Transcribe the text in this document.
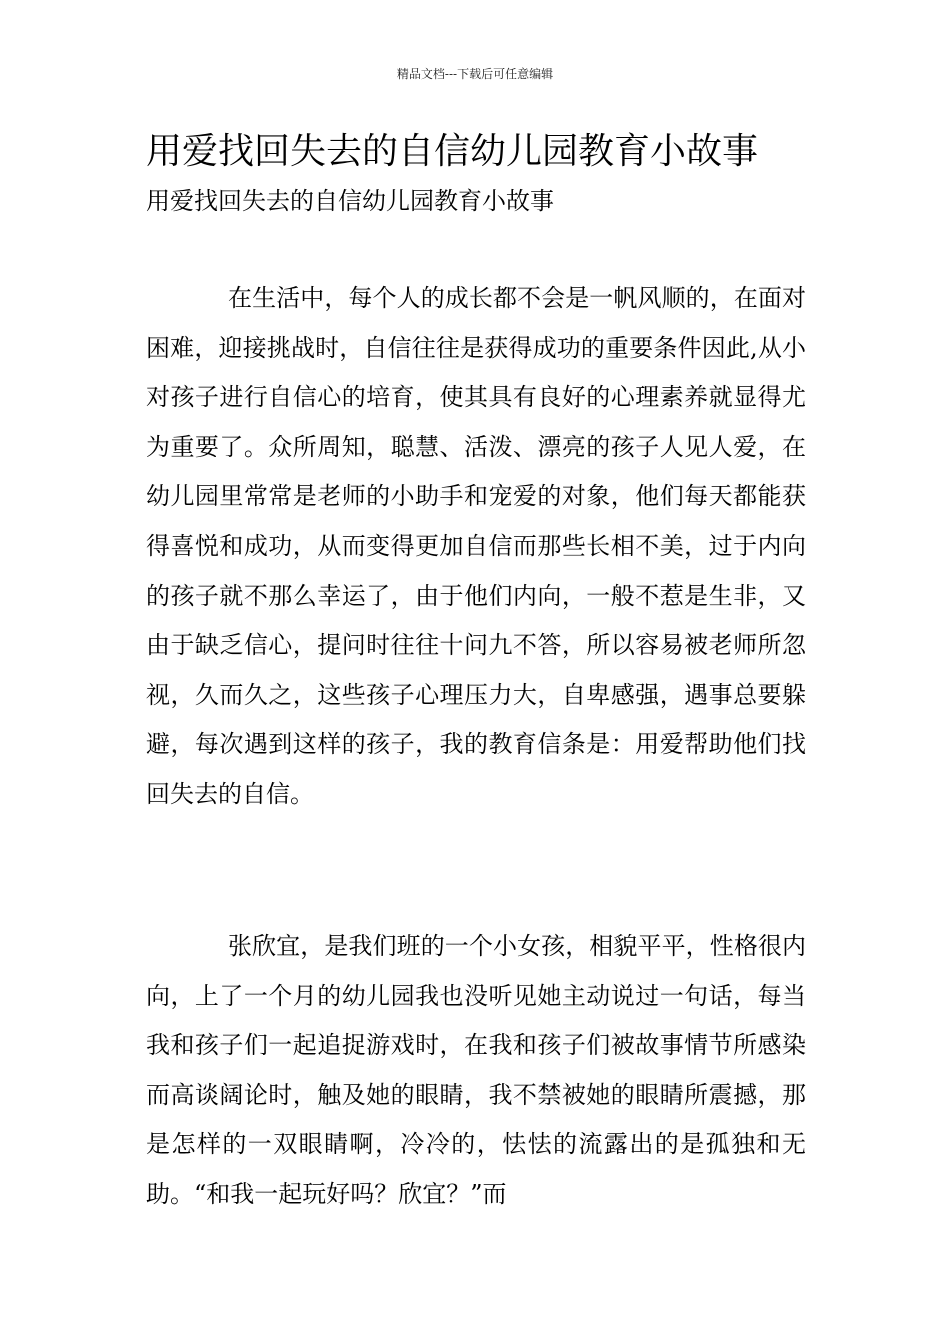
精品文档---下载后可任意编辑
用爱找回失去的自信幼儿园教育小故事
用爱找回失去的自信幼儿园教育小故事

在生活中，每个人的成长都不会是一帆风顺的，在面对困难，迎接挑战时，自信往往是获得成功的重要条件因此,从小对孩子进行自信心的培育，使其具有良好的心理素养就显得尤为重要了。众所周知，聪慧、活泼、漂亮的孩子人见人爱，在幼儿园里常常是老师的小助手和宠爱的对象，他们每天都能获得喜悦和成功，从而变得更加自信而那些长相不美，过于内向的孩子就不那么幸运了，由于他们内向，一般不惹是生非，又由于缺乏信心，提问时往往十问九不答，所以容易被老师所忽视，久而久之，这些孩子心理压力大，自卑感强，遇事总要躲避，每次遇到这样的孩子，我的教育信条是：用爱帮助他们找回失去的自信。

张欣宜，是我们班的一个小女孩，相貌平平，性格很内向，上了一个月的幼儿园我也没听见她主动说过一句话，每当我和孩子们一起追捉游戏时，在我和孩子们被故事情节所感染而高谈阔论时，触及她的眼睛，我不禁被她的眼睛所震撼，那是怎样的一双眼睛啊，冷冷的，怯怯的流露出的是孤独和无助。“和我一起玩好吗？欣宜？”而
